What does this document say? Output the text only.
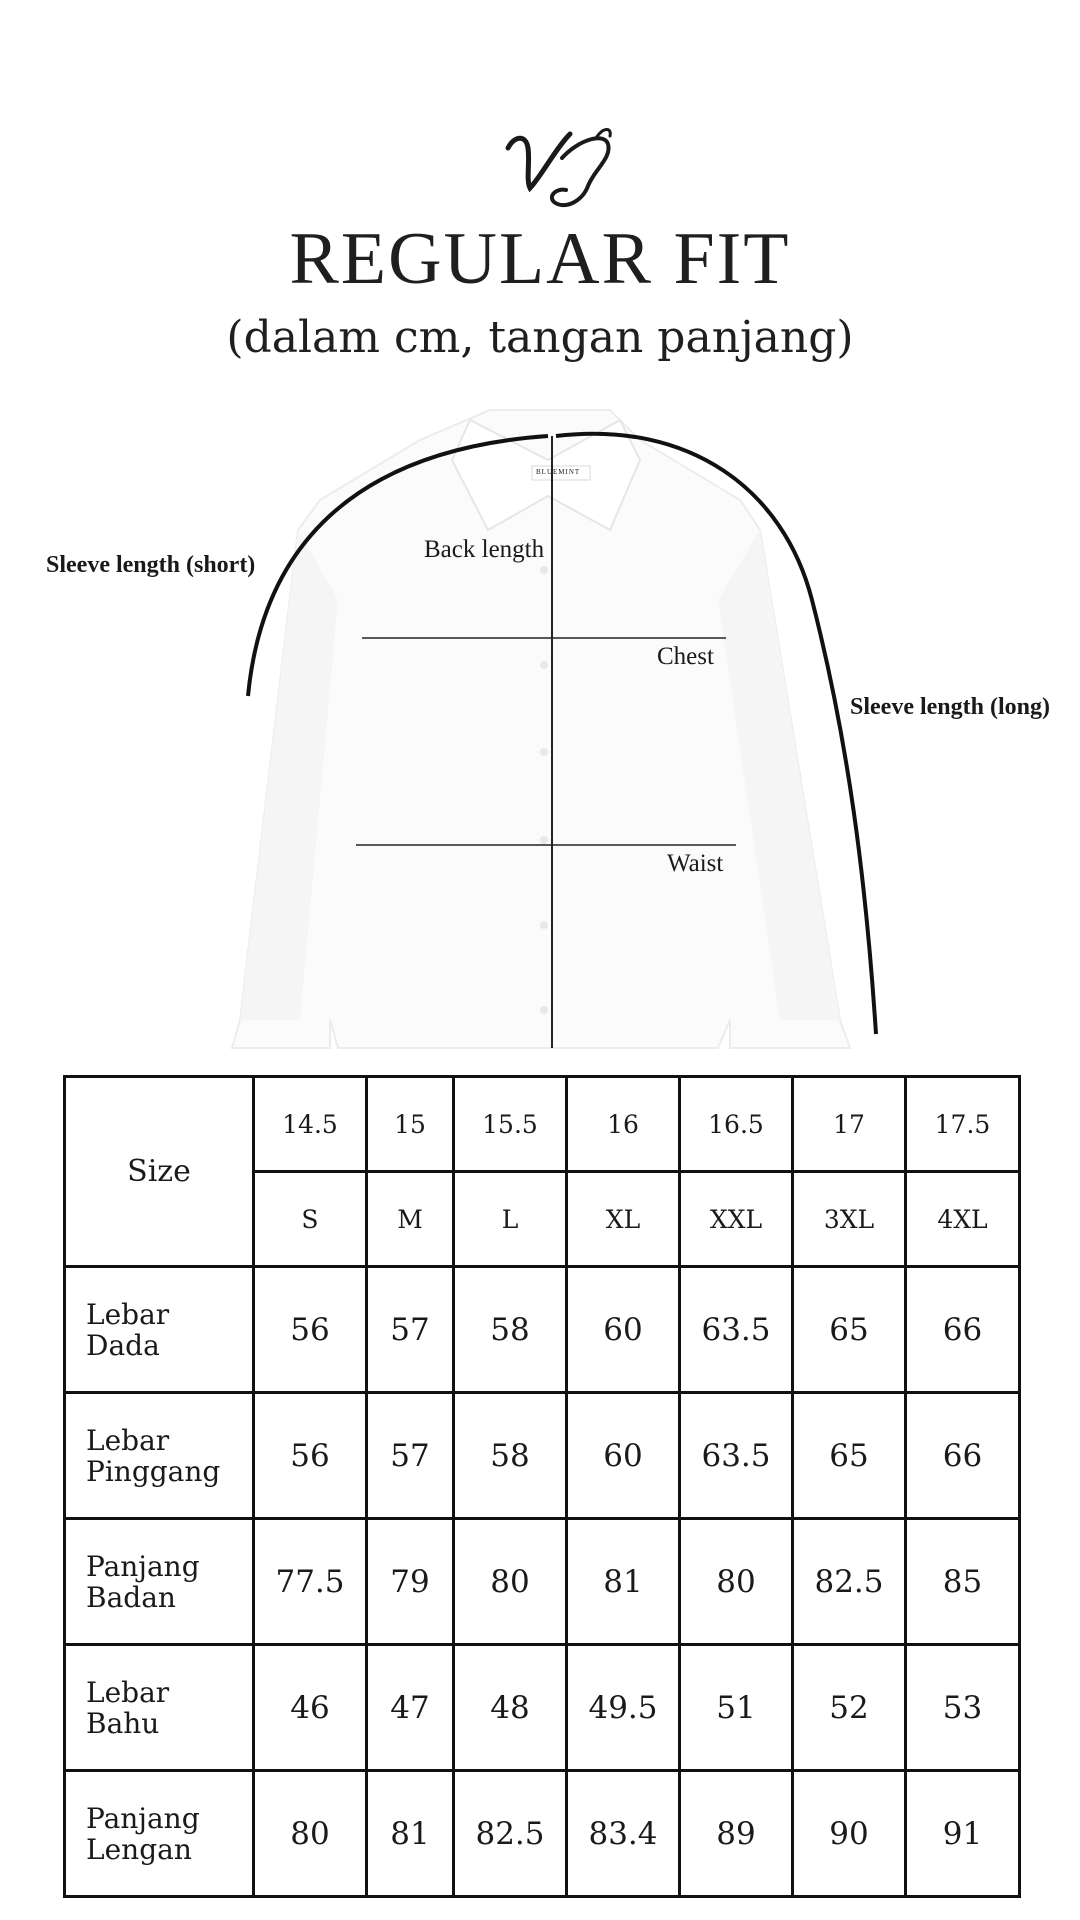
REGULAR FIT
(dalam cm, tangan panjang)
BLUEMINT
Sleeve length (short)
Sleeve length (long)
Back length
Chest
Waist
Size	14.5	15	15.5	16	16.5	17	17.5
	S	M	L	XL	XXL	3XL	4XL

Lebar
Dada	56	57	58	60	63.5	65	66

Lebar
Pinggang	56	57	58	60	63.5	65	66

Panjang
Badan	77.5	79	80	81	80	82.5	85

Lebar
Bahu	46	47	48	49.5	51	52	53

Panjang
Lengan	80	81	82.5	83.4	89	90	91
